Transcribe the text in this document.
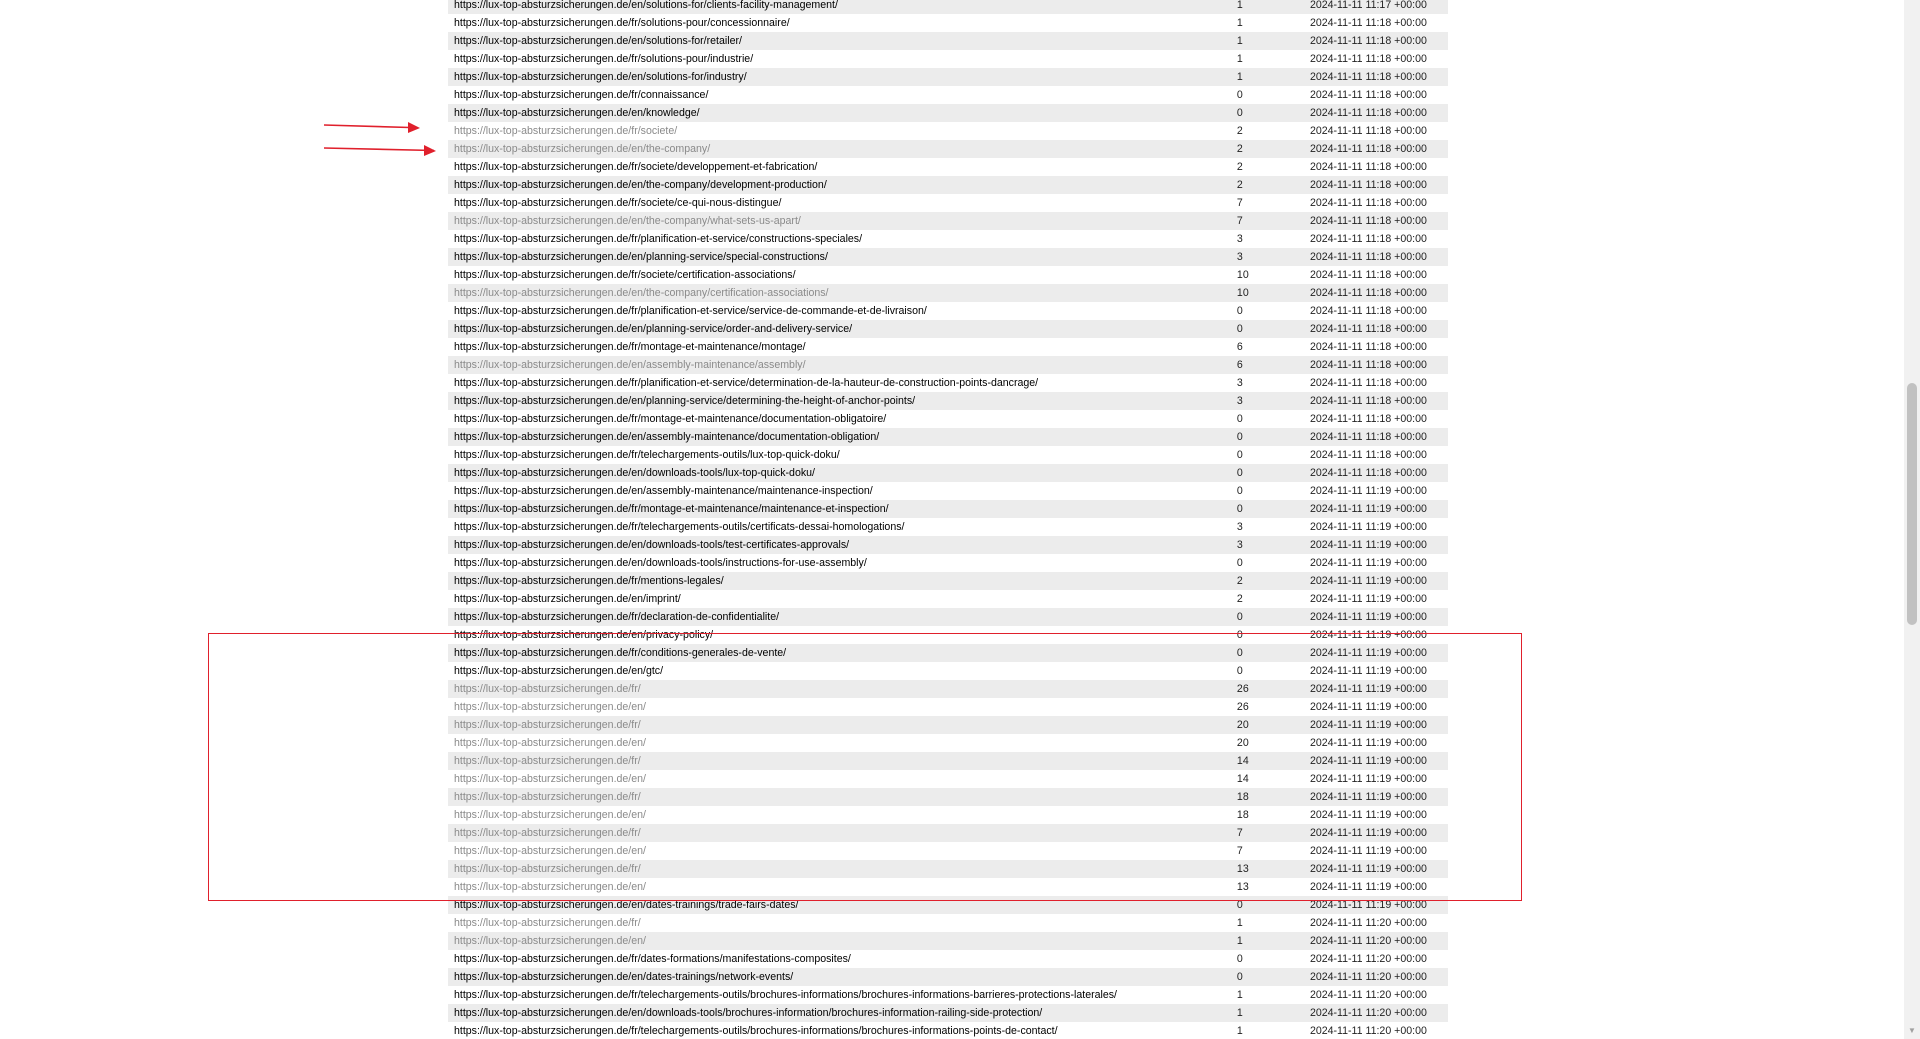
https://lux-top-absturzsicherungen.de/en/solutions-for/clients-facility-management/	1	2024-11-11 11:17 +00:00
https://lux-top-absturzsicherungen.de/fr/solutions-pour/concessionnaire/	1	2024-11-11 11:18 +00:00
https://lux-top-absturzsicherungen.de/en/solutions-for/retailer/	1	2024-11-11 11:18 +00:00
https://lux-top-absturzsicherungen.de/fr/solutions-pour/industrie/	1	2024-11-11 11:18 +00:00
https://lux-top-absturzsicherungen.de/en/solutions-for/industry/	1	2024-11-11 11:18 +00:00
https://lux-top-absturzsicherungen.de/fr/connaissance/	0	2024-11-11 11:18 +00:00
https://lux-top-absturzsicherungen.de/en/knowledge/	0	2024-11-11 11:18 +00:00
https://lux-top-absturzsicherungen.de/fr/societe/	2	2024-11-11 11:18 +00:00
https://lux-top-absturzsicherungen.de/en/the-company/	2	2024-11-11 11:18 +00:00
https://lux-top-absturzsicherungen.de/fr/societe/developpement-et-fabrication/	2	2024-11-11 11:18 +00:00
https://lux-top-absturzsicherungen.de/en/the-company/development-production/	2	2024-11-11 11:18 +00:00
https://lux-top-absturzsicherungen.de/fr/societe/ce-qui-nous-distingue/	7	2024-11-11 11:18 +00:00
https://lux-top-absturzsicherungen.de/en/the-company/what-sets-us-apart/	7	2024-11-11 11:18 +00:00
https://lux-top-absturzsicherungen.de/fr/planification-et-service/constructions-speciales/	3	2024-11-11 11:18 +00:00
https://lux-top-absturzsicherungen.de/en/planning-service/special-constructions/	3	2024-11-11 11:18 +00:00
https://lux-top-absturzsicherungen.de/fr/societe/certification-associations/	10	2024-11-11 11:18 +00:00
https://lux-top-absturzsicherungen.de/en/the-company/certification-associations/	10	2024-11-11 11:18 +00:00
https://lux-top-absturzsicherungen.de/fr/planification-et-service/service-de-commande-et-de-livraison/	0	2024-11-11 11:18 +00:00
https://lux-top-absturzsicherungen.de/en/planning-service/order-and-delivery-service/	0	2024-11-11 11:18 +00:00
https://lux-top-absturzsicherungen.de/fr/montage-et-maintenance/montage/	6	2024-11-11 11:18 +00:00
https://lux-top-absturzsicherungen.de/en/assembly-maintenance/assembly/	6	2024-11-11 11:18 +00:00
https://lux-top-absturzsicherungen.de/fr/planification-et-service/determination-de-la-hauteur-de-construction-points-dancrage/	3	2024-11-11 11:18 +00:00
https://lux-top-absturzsicherungen.de/en/planning-service/determining-the-height-of-anchor-points/	3	2024-11-11 11:18 +00:00
https://lux-top-absturzsicherungen.de/fr/montage-et-maintenance/documentation-obligatoire/	0	2024-11-11 11:18 +00:00
https://lux-top-absturzsicherungen.de/en/assembly-maintenance/documentation-obligation/	0	2024-11-11 11:18 +00:00
https://lux-top-absturzsicherungen.de/fr/telechargements-outils/lux-top-quick-doku/	0	2024-11-11 11:18 +00:00
https://lux-top-absturzsicherungen.de/en/downloads-tools/lux-top-quick-doku/	0	2024-11-11 11:18 +00:00
https://lux-top-absturzsicherungen.de/en/assembly-maintenance/maintenance-inspection/	0	2024-11-11 11:19 +00:00
https://lux-top-absturzsicherungen.de/fr/montage-et-maintenance/maintenance-et-inspection/	0	2024-11-11 11:19 +00:00
https://lux-top-absturzsicherungen.de/fr/telechargements-outils/certificats-dessai-homologations/	3	2024-11-11 11:19 +00:00
https://lux-top-absturzsicherungen.de/en/downloads-tools/test-certificates-approvals/	3	2024-11-11 11:19 +00:00
https://lux-top-absturzsicherungen.de/en/downloads-tools/instructions-for-use-assembly/	0	2024-11-11 11:19 +00:00
https://lux-top-absturzsicherungen.de/fr/mentions-legales/	2	2024-11-11 11:19 +00:00
https://lux-top-absturzsicherungen.de/en/imprint/	2	2024-11-11 11:19 +00:00
https://lux-top-absturzsicherungen.de/fr/declaration-de-confidentialite/	0	2024-11-11 11:19 +00:00
https://lux-top-absturzsicherungen.de/en/privacy-policy/	0	2024-11-11 11:19 +00:00
https://lux-top-absturzsicherungen.de/fr/conditions-generales-de-vente/	0	2024-11-11 11:19 +00:00
https://lux-top-absturzsicherungen.de/en/gtc/	0	2024-11-11 11:19 +00:00
https://lux-top-absturzsicherungen.de/fr/	26	2024-11-11 11:19 +00:00
https://lux-top-absturzsicherungen.de/en/	26	2024-11-11 11:19 +00:00
https://lux-top-absturzsicherungen.de/fr/	20	2024-11-11 11:19 +00:00
https://lux-top-absturzsicherungen.de/en/	20	2024-11-11 11:19 +00:00
https://lux-top-absturzsicherungen.de/fr/	14	2024-11-11 11:19 +00:00
https://lux-top-absturzsicherungen.de/en/	14	2024-11-11 11:19 +00:00
https://lux-top-absturzsicherungen.de/fr/	18	2024-11-11 11:19 +00:00
https://lux-top-absturzsicherungen.de/en/	18	2024-11-11 11:19 +00:00
https://lux-top-absturzsicherungen.de/fr/	7	2024-11-11 11:19 +00:00
https://lux-top-absturzsicherungen.de/en/	7	2024-11-11 11:19 +00:00
https://lux-top-absturzsicherungen.de/fr/	13	2024-11-11 11:19 +00:00
https://lux-top-absturzsicherungen.de/en/	13	2024-11-11 11:19 +00:00
https://lux-top-absturzsicherungen.de/en/dates-trainings/trade-fairs-dates/	0	2024-11-11 11:19 +00:00
https://lux-top-absturzsicherungen.de/fr/	1	2024-11-11 11:20 +00:00
https://lux-top-absturzsicherungen.de/en/	1	2024-11-11 11:20 +00:00
https://lux-top-absturzsicherungen.de/fr/dates-formations/manifestations-composites/	0	2024-11-11 11:20 +00:00
https://lux-top-absturzsicherungen.de/en/dates-trainings/network-events/	0	2024-11-11 11:20 +00:00
https://lux-top-absturzsicherungen.de/fr/telechargements-outils/brochures-informations/brochures-informations-barrieres-protections-laterales/	1	2024-11-11 11:20 +00:00
https://lux-top-absturzsicherungen.de/en/downloads-tools/brochures-information/brochures-information-railing-side-protection/	1	2024-11-11 11:20 +00:00
https://lux-top-absturzsicherungen.de/fr/telechargements-outils/brochures-informations/brochures-informations-points-de-contact/	1	2024-11-11 11:20 +00:00	▼
